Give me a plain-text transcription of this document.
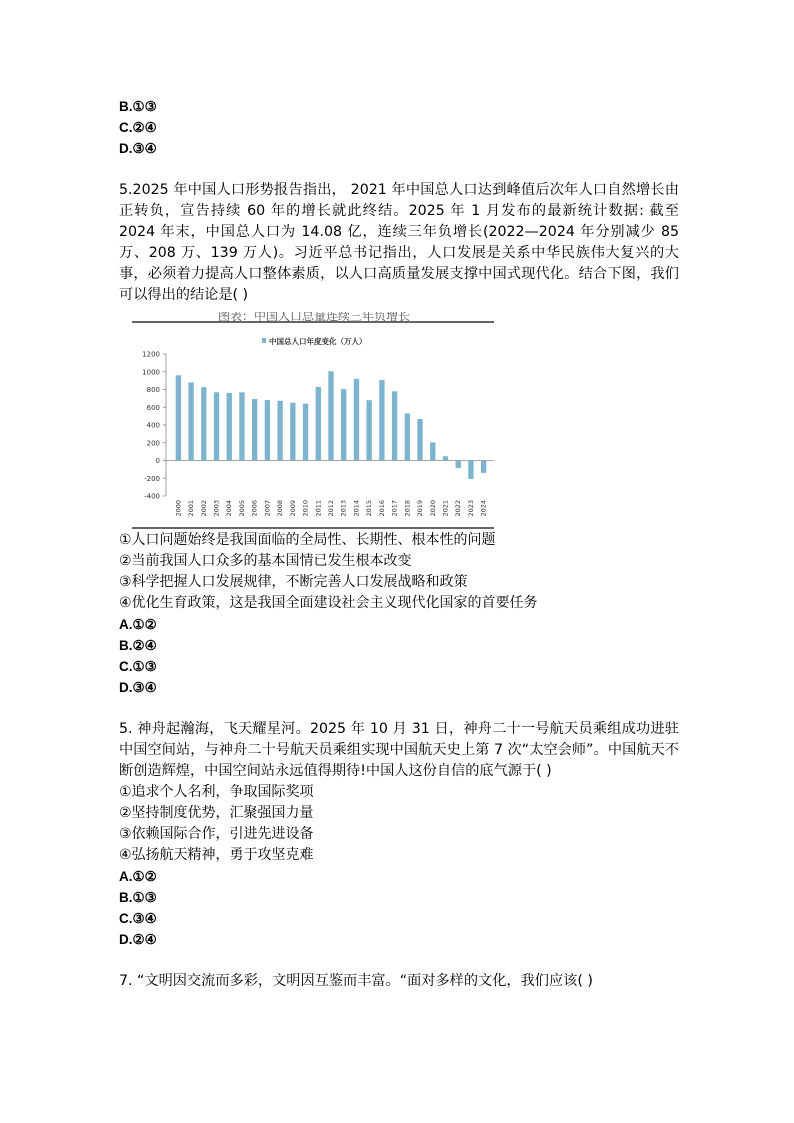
B.①③
C.②④
D.③④
5.2025 年中国人口形势报告指出， 2021 年中国总人口达到峰值后次年人口自然增长由正转负，宣告持续 60 年的增长就此终结。2025 年 1 月发布的最新统计数据: 截至 2024 年末，中国总人口为 14.08 亿，连续三年负增长(2022—2024 年分别减少 85 万、208 万、139 万人)。习近平总书记指出，人口发展是关系中华民族伟大复兴的大事，必须着力提高人口整体素质，以人口高质量发展支撑中国式现代化。结合下图，我们可以得出的结论是( )
图表：中国人口总量连续三年负增长
中国总人口年度变化（万人）
-400
-200
0
200
400
600
800
1000
1200
2000 2001 2002 2003 2004 2005 2006 2007 2008 2009 2010 2011 2012 2013 2014 2015 2016 2017 2018 2019 2020 2021 2022 2023 2024
①人口问题始终是我国面临的全局性、长期性、根本性的问题
②当前我国人口众多的基本国情已发生根本改变
③科学把握人口发展规律，不断完善人口发展战略和政策
④优化生育政策，这是我国全面建设社会主义现代化国家的首要任务
A.①②
B.②④
C.①③
D.③④
5. 神舟起瀚海，飞天耀星河。2025 年 10 月 31 日，神舟二十一号航天员乘组成功进驻中国空间站，与神舟二十号航天员乘组实现中国航天史上第 7 次“太空会师”。中国航天不断创造辉煌，中国空间站永远值得期待!中国人这份自信的底气源于( )
①追求个人名利，争取国际奖项
②坚持制度优势，汇聚强国力量
③依赖国际合作，引进先进设备
④弘扬航天精神，勇于攻坚克难
A.①②
B.①③
C.③④
D.②④
7. “文明因交流而多彩，文明因互鉴而丰富。“面对多样的文化，我们应该( )
